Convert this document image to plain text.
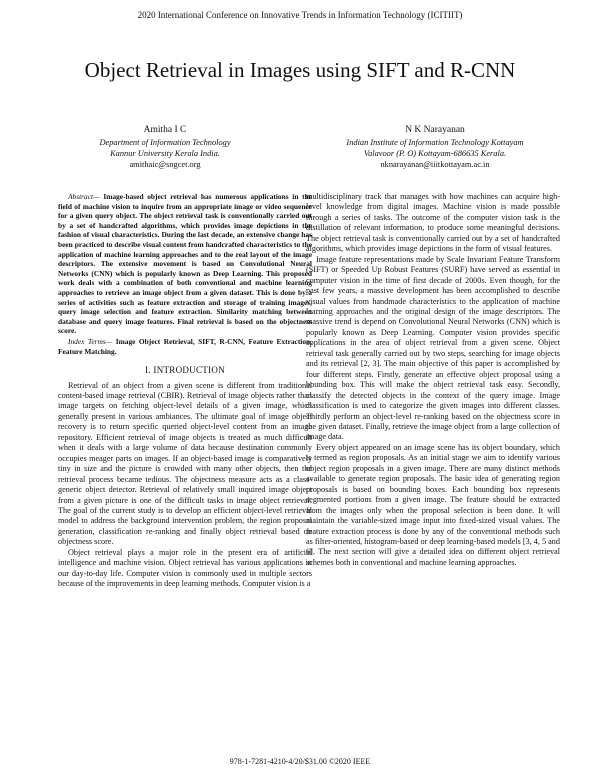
2020 International Conference on Innovative Trends in Information Technology (ICITIIT)
Object Retrieval in Images using SIFT and R-CNN
Amitha I C
Department of Information Technology
Kannur University Kerala India.
amithaic@sngcet.org
N K Narayanan
Indian Institute of Information Technology Kottayam
Valavoor (P. O) Kottayam-686635 Kerala.
nknarayanan@iiitkottayam.ac.in

Abstract— Image-based object retrieval has numerous applications in the field of machine vision to inquire from an appropriate image or video sequence for a given query object. The object retrieval task is conventionally carried out by a set of handcrafted algorithms, which provides image depictions in the fashion of visual characteristics. During the last decade, an extensive change has been practiced to describe visual content from handcrafted characteristics to the application of machine learning approaches and to the real layout of the image descriptors. The extensive movement is based on Convolutional Neural Networks (CNN) which is popularly known as Deep Learning. This proposed work deals with a combination of both conventional and machine learning approaches to retrieve an image object from a given dataset. This is done by a series of activities such as feature extraction and storage of training images, query image selection and feature extraction. Similarity matching between database and query image features. Final retrieval is based on the objectness score.

Index Terms— Image Object Retrieval, SIFT, R-CNN, Feature Extraction, Feature Matching.

I. INTRODUCTION

Retrieval of an object from a given scene is different from traditional content-based image retrieval (CBIR). Retrieval of image objects rather than image targets on fetching object-level details of a given image, which generally present in various ambiances. The ultimate goal of image object recovery is to return specific queried object-level content from an image repository. Efficient retrieval of image objects is treated as much difficult when it deals with a large volume of data because destination commonly occupies meager parts on images. If an object-based image is comparatively tiny in size and the picture is crowded with many other objects, then the retrieval process became tedious. The objectness measure acts as a class-generic object detector. Retrieval of relatively small inquired image object from a given picture is one of the difficult tasks in image object retrieval. The goal of the current study is to develop an efficient object-level retrieval model to address the background intervention problem, the region proposal generation, classification re-ranking and finally object retrieval based on objectness score.

Object retrieval plays a major role in the present era of artificial intelligence and machine vision. Object retrieval has various applications in our day-to-day life. Computer vision is commonly used in multiple sectors because of the improvements in deep learning methods. Computer vision is a

multidisciplinary track that manages with how machines can acquire high-level knowledge from digital images. Machine vision is made possible through a series of tasks. The outcome of the computer vision task is the distillation of relevant information, to produce some meaningful decisions. The object retrieval task is conventionally carried out by a set of handcrafted algorithms, which provides image depictions in the form of visual features.

Image feature representations made by Scale Invariant Feature Transform (SIFT) or Speeded Up Robust Features (SURF) have served as essential in computer vision in the time of first decade of 2000s. Even though, for the past few years, a massive development has been accomplished to describe visual values from handmade characteristics to the application of machine learning approaches and the original design of the image descriptors. The massive trend is depend on Convolutional Neural Networks (CNN) which is popularly known as Deep Learning. Computer vision provides specific applications in the area of object retrieval from a given scene. Object retrieval task generally carried out by two steps, searching for image objects and its retrieval [2, 3]. The main objective of this paper is accomplished by four different steps. Firstly, generate an effective object proposal using a bounding box. This will make the object retrieval task easy. Secondly, classify the detected objects in the context of the query image. Image classification is used to categorize the given images into different classes. Thirdly perform an object-level re-ranking based on the objectness score in the given dataset. Finally, retrieve the image object from a large collection of image data.

Every object appeared on an image scene has its object boundary, which is termed as region proposals. As an initial stage we aim to identify various object region proposals in a given image. There are many distinct methods available to generate region proposals. The basic idea of generating region proposals is based on bounding boxes. Each bounding box represents segmented portions from a given image. The feature should be extracted from the images only when the proposal selection is been done. It will maintain the variable-sized image input into fixed-sized visual values. The feature extraction process is done by any of the conventional methods such as filter-oriented, histogram-based or deep learning-based models [3, 4, 5 and 6]. The next section will give a detailed idea on different object retrieval schemes both in conventional and machine learning approaches.

978-1-7281-4210-4/20/$31.00 ©2020 IEEE
